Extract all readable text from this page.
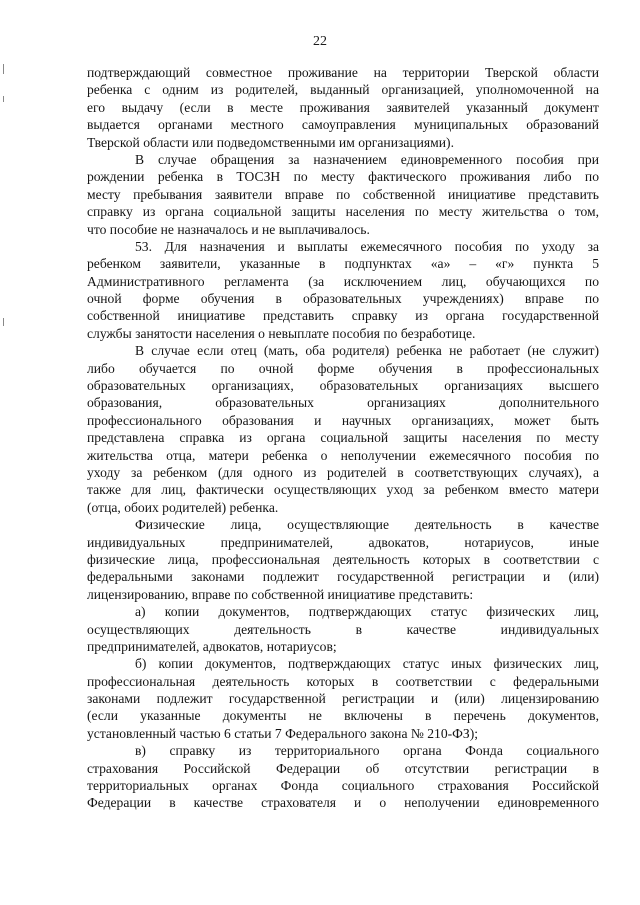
22
подтверждающий совместное проживание на территории Тверской области
ребенка с одним из родителей, выданный организацией, уполномоченной на
его выдачу (если в месте проживания заявителей указанный документ
выдается органами местного самоуправления муниципальных образований
Тверской области или подведомственными им организациями).
В случае обращения за назначением единовременного пособия при
рождении ребенка в ТОСЗН по месту фактического проживания либо по
месту пребывания заявители вправе по собственной инициативе представить
справку из органа социальной защиты населения по месту жительства о том,
что пособие не назначалось и не выплачивалось.
53. Для назначения и выплаты ежемесячного пособия по уходу за
ребенком заявители, указанные в подпунктах «а» – «г» пункта 5
Административного регламента (за исключением лиц, обучающихся по
очной форме обучения в образовательных учреждениях) вправе по
собственной инициативе представить справку из органа государственной
службы занятости населения о невыплате пособия по безработице.
В случае если отец (мать, оба родителя) ребенка не работает (не служит)
либо обучается по очной форме обучения в профессиональных
образовательных организациях, образовательных организациях высшего
образования, образовательных организациях дополнительного
профессионального образования и научных организациях, может быть
представлена справка из органа социальной защиты населения по месту
жительства отца, матери ребенка о неполучении ежемесячного пособия по
уходу за ребенком (для одного из родителей в соответствующих случаях), а
также для лиц, фактически осуществляющих уход за ребенком вместо матери
(отца, обоих родителей) ребенка.
Физические лица, осуществляющие деятельность в качестве
индивидуальных предпринимателей, адвокатов, нотариусов, иные
физические лица, профессиональная деятельность которых в соответствии с
федеральными законами подлежит государственной регистрации и (или)
лицензированию, вправе по собственной инициативе представить:
а) копии документов, подтверждающих статус физических лиц,
осуществляющих деятельность в качестве индивидуальных
предпринимателей, адвокатов, нотариусов;
б) копии документов, подтверждающих статус иных физических лиц,
профессиональная деятельность которых в соответствии с федеральными
законами подлежит государственной регистрации и (или) лицензированию
(если указанные документы не включены в перечень документов,
установленный частью 6 статьи 7 Федерального закона № 210-ФЗ);
в) справку из территориального органа Фонда социального
страхования Российской Федерации об отсутствии регистрации в
территориальных органах Фонда социального страхования Российской
Федерации в качестве страхователя и о неполучении единовременного
